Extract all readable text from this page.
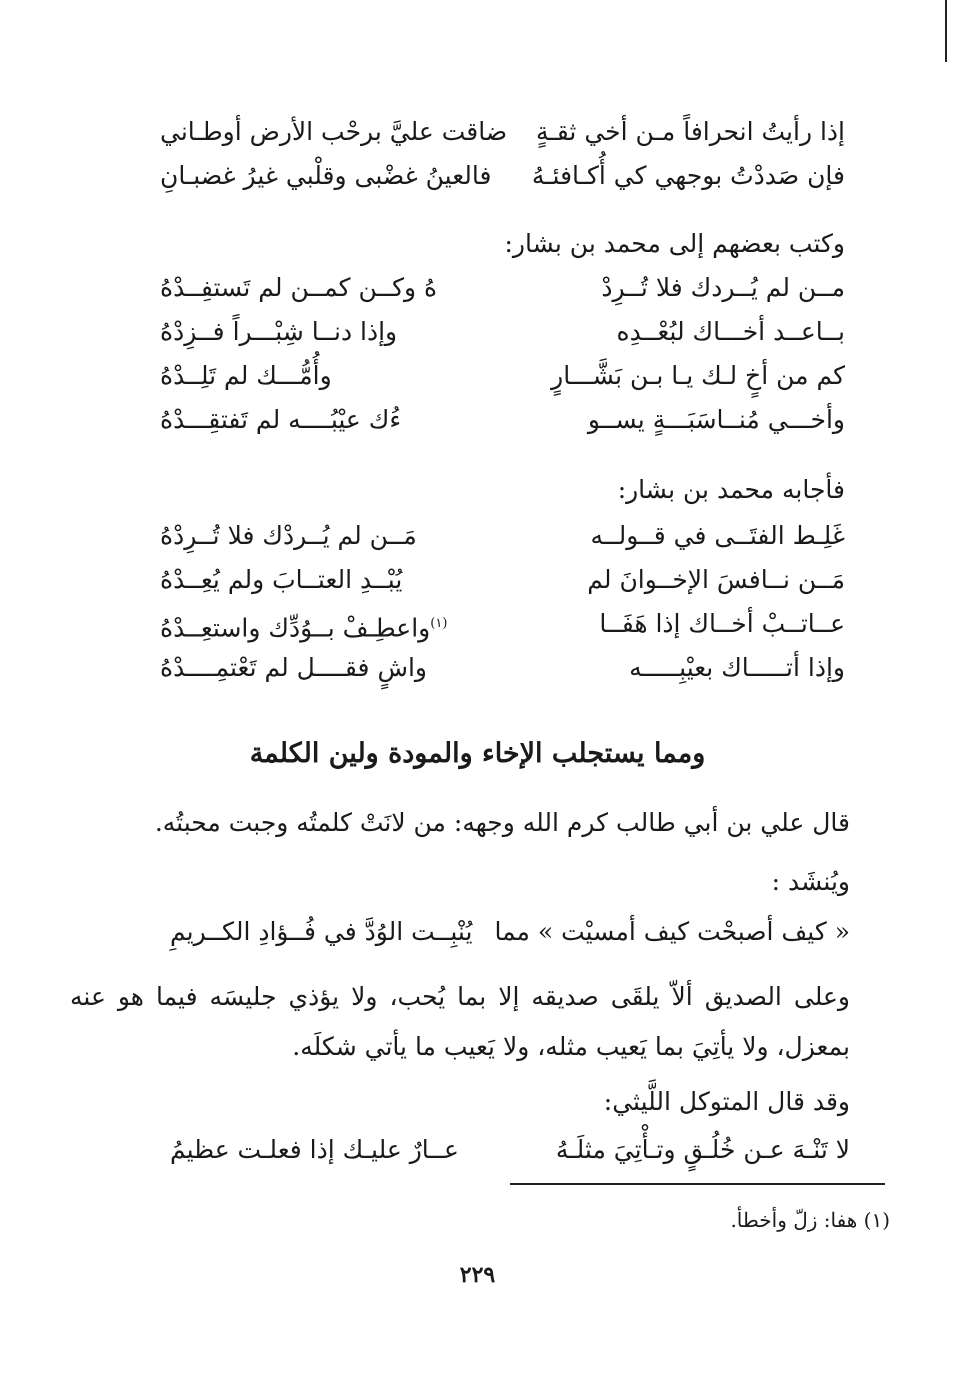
إذا رأيتُ انحرافاً مـن أخي ثقـةٍ
ضاقت عليَّ برحْب الأرض أوطـاني
فإن صَددْتُ بوجهي كي أُكـافئـهُ
فالعينُ غضْبى وقلْبي غيرُ غضبـانِ
وكتب بعضهم إلى محمد بن بشار:
مــن لم يُــردك فلا تُــرِدْ
هُ وكــن كمــن لم تَستفِــدْهُ
بــاعــد أخـــاك لبُعْــدِه
وإذا دنــا شِبْـــراً فــزِدْهُ
كم من أخٍ لـك يـا بـن بَشَّـــارٍ
وأُمُّـــك لم تَلِــدْهُ
وأخـــي مُنــاسَبَـــةٍ يســو
ءُك عيْبُــــه لم تَفتقِـــدْهُ
فأجابه محمد بن بشار:
غَلِـط الفتَــى في قــولــه
مَــن لم يُــردْك فلا تُــرِدْهُ
مَــن نــافسَ الإخــوانَ لم
يُبْــدِ العتــابَ ولم يُعِــدْهُ
عــاتــبْ أخــاك إذا هَفَــا
$^{(١)}$واعطِـفْ بــوُدِّك واستعِــدْهُ
وإذا أتـــــاك بعيْبِـــــه
واشٍ فقــــل لم تَعْتمِــــدْهُ
ومما يستجلب الإخاء والمودة ولين الكلمة
قال علي بن أبي طالب كرم الله وجهه: من لانَتْ كلمتُه وجبت محبتُه.
ويُنشَد :
« كيف أصبحْت كيف أمسيْت » مما
يُنْبِــت الوُدَّ في فُــؤادِ الكــريمِ
وعلى الصديق ألاّ يلقَى صديقه إلا بما يُحب، ولا يؤذي جليسَه فيما هو عنه بمعزل، ولا يأتِيَ بما يَعيب مثله، ولا يَعيب ما يأتي شكلَه.
وقد قال المتوكل اللَّيثي:
لا تَنْـهَ عـن خُلُـقٍ وتـأْتِيَ مثلَـهُ
عــارٌ عليـك إذا فعلـت عظيمُ
(١) هفا: زلّ وأخطأ.
٢٢٩
